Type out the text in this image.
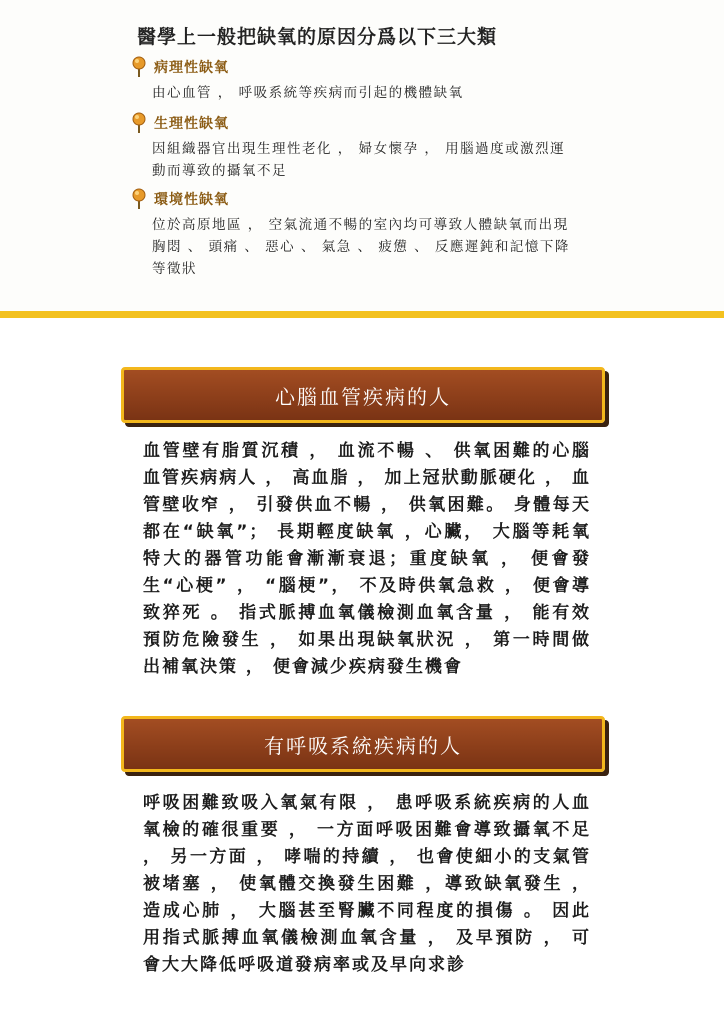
醫學上一般把缺氧的原因分爲以下三大類
病理性缺氧
由心血管 ， 呼吸系統等疾病而引起的機體缺氧
生理性缺氧
因組織器官出現生理性老化 ， 婦女懷孕 ， 用腦過度或激烈運動而導致的攝氧不足
環境性缺氧
位於高原地區 ， 空氣流通不暢的室內均可導致人體缺氧而出現胸悶 、 頭痛 、 惡心 、 氣急 、 疲憊 、 反應遲鈍和記憶下降等徵狀
心腦血管疾病的人
血管壁有脂質沉積 ， 血流不暢 、 供氧困難的心腦血管疾病病人 ， 高血脂 ， 加上冠狀動脈硬化 ， 血管壁收窄 ， 引發供血不暢 ， 供氧困難。 身體每天都在“缺氧”； 長期輕度缺氧 ，心臟， 大腦等耗氧特大的器管功能會漸漸衰退；重度缺氧 ， 便會發生“心梗” ， “腦梗”， 不及時供氧急救 ， 便會導致猝死 。 指式脈搏血氧儀檢測血氧含量 ， 能有效預防危險發生 ， 如果出現缺氧狀況 ， 第一時間做出補氧決策 ， 便會減少疾病發生機會
有呼吸系統疾病的人
呼吸困難致吸入氧氣有限 ， 患呼吸系統疾病的人血氧檢的確很重要 ， 一方面呼吸困難會導致攝氧不足 ， 另一方面 ， 哮喘的持續 ， 也會使細小的支氣管被堵塞 ， 使氧體交換發生困難 ，導致缺氧發生 ， 造成心肺 ， 大腦甚至腎臟不同程度的損傷 。 因此用指式脈搏血氧儀檢測血氧含量 ， 及早預防 ， 可會大大降低呼吸道發病率或及早向求診
